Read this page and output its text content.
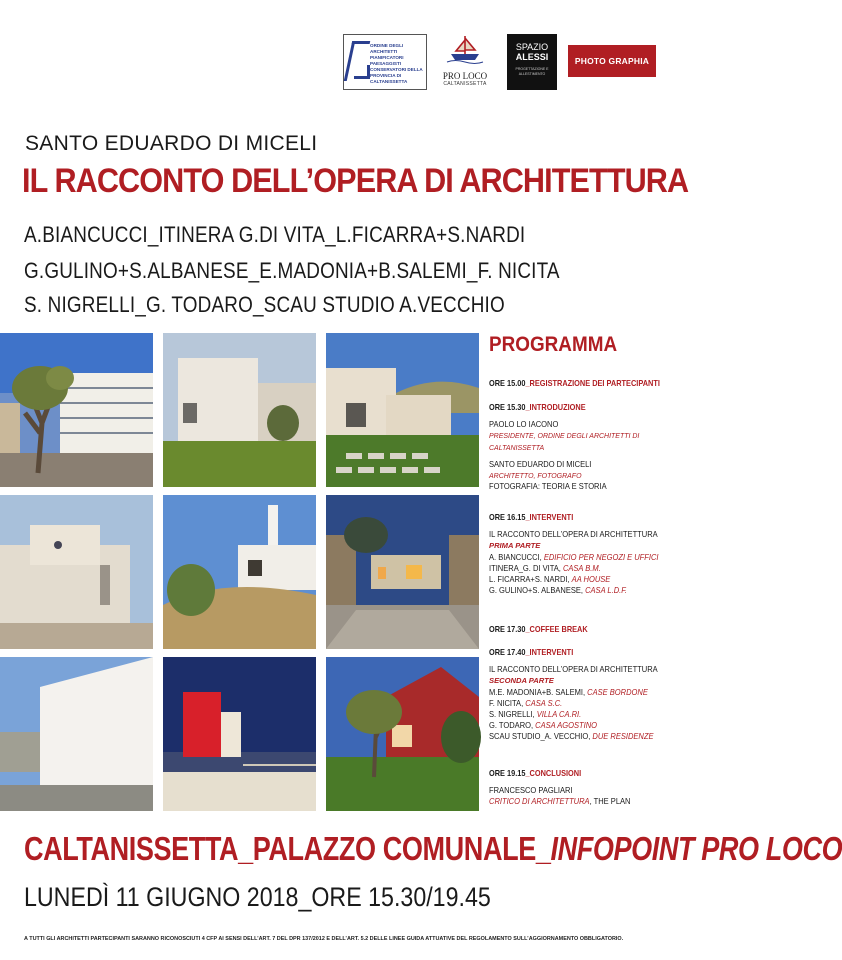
ORDINE DEGLI ARCHITETTI PIANIFICATORI PAESAGGISTI CONSERVATORI DELLA PROVINCIA DI CALTANISSETTA
PRO LOCO
CALTANISSETTA
SPAZIO
ALESSI
PROGETTAZIONE E ALLESTIMENTO
PHOTO GRAPHIA
SANTO EDUARDO DI MICELI
IL RACCONTO DELL’OPERA DI ARCHITETTURA
A.BIANCUCCI_ITINERA G.DI VITA_L.FICARRA+S.NARDI
G.GULINO+S.ALBANESE_E.MADONIA+B.SALEMI_F. NICITA
S. NIGRELLI_G. TODARO_SCAU STUDIO A.VECCHIO
PROGRAMMA
ORE 15.00_REGISTRAZIONE DEI PARTECIPANTI
ORE 15.30_INTRODUZIONE
PAOLO LO IACONO
PRESIDENTE, ORDINE DEGLI ARCHITETTI DI
CALTANISSETTA
SANTO EDUARDO DI MICELI
ARCHITETTO, FOTOGRAFO
FOTOGRAFIA: TEORIA E STORIA
ORE 16.15_INTERVENTI
IL RACCONTO DELL’OPERA DI ARCHITETTURA
PRIMA PARTE
A. BIANCUCCI, EDIFICIO PER NEGOZI E UFFICI
ITINERA_G. DI VITA, CASA B.M.
L. FICARRA+S. NARDI, AA HOUSE
G. GULINO+S. ALBANESE, CASA L.D.F.
ORE 17.30_COFFEE BREAK
ORE 17.40_INTERVENTI
IL RACCONTO DELL’OPERA DI ARCHITETTURA
SECONDA PARTE
M.E. MADONIA+B. SALEMI, CASE BORDONE
F. NICITA, CASA S.C.
S. NIGRELLI, VILLA CA.RI.
G. TODARO, CASA AGOSTINO
SCAU STUDIO_A. VECCHIO, DUE RESIDENZE
ORE 19.15_CONCLUSIONI
FRANCESCO PAGLIARI
CRITICO DI ARCHITETTURA, THE PLAN
CALTANISSETTA_PALAZZO COMUNALE_INFOPOINT PRO LOCO
LUNEDÌ 11 GIUGNO 2018_ORE 15.30/19.45
A TUTTI GLI ARCHITETTI PARTECIPANTI SARANNO RICONOSCIUTI 4 CFP AI SENSI DELL’ART. 7 DEL DPR 137/2012 E DELL’ART. 5.2 DELLE LINEE GUIDA ATTUATIVE DEL REGOLAMENTO SULL’AGGIORNAMENTO OBBLIGATORIO.
